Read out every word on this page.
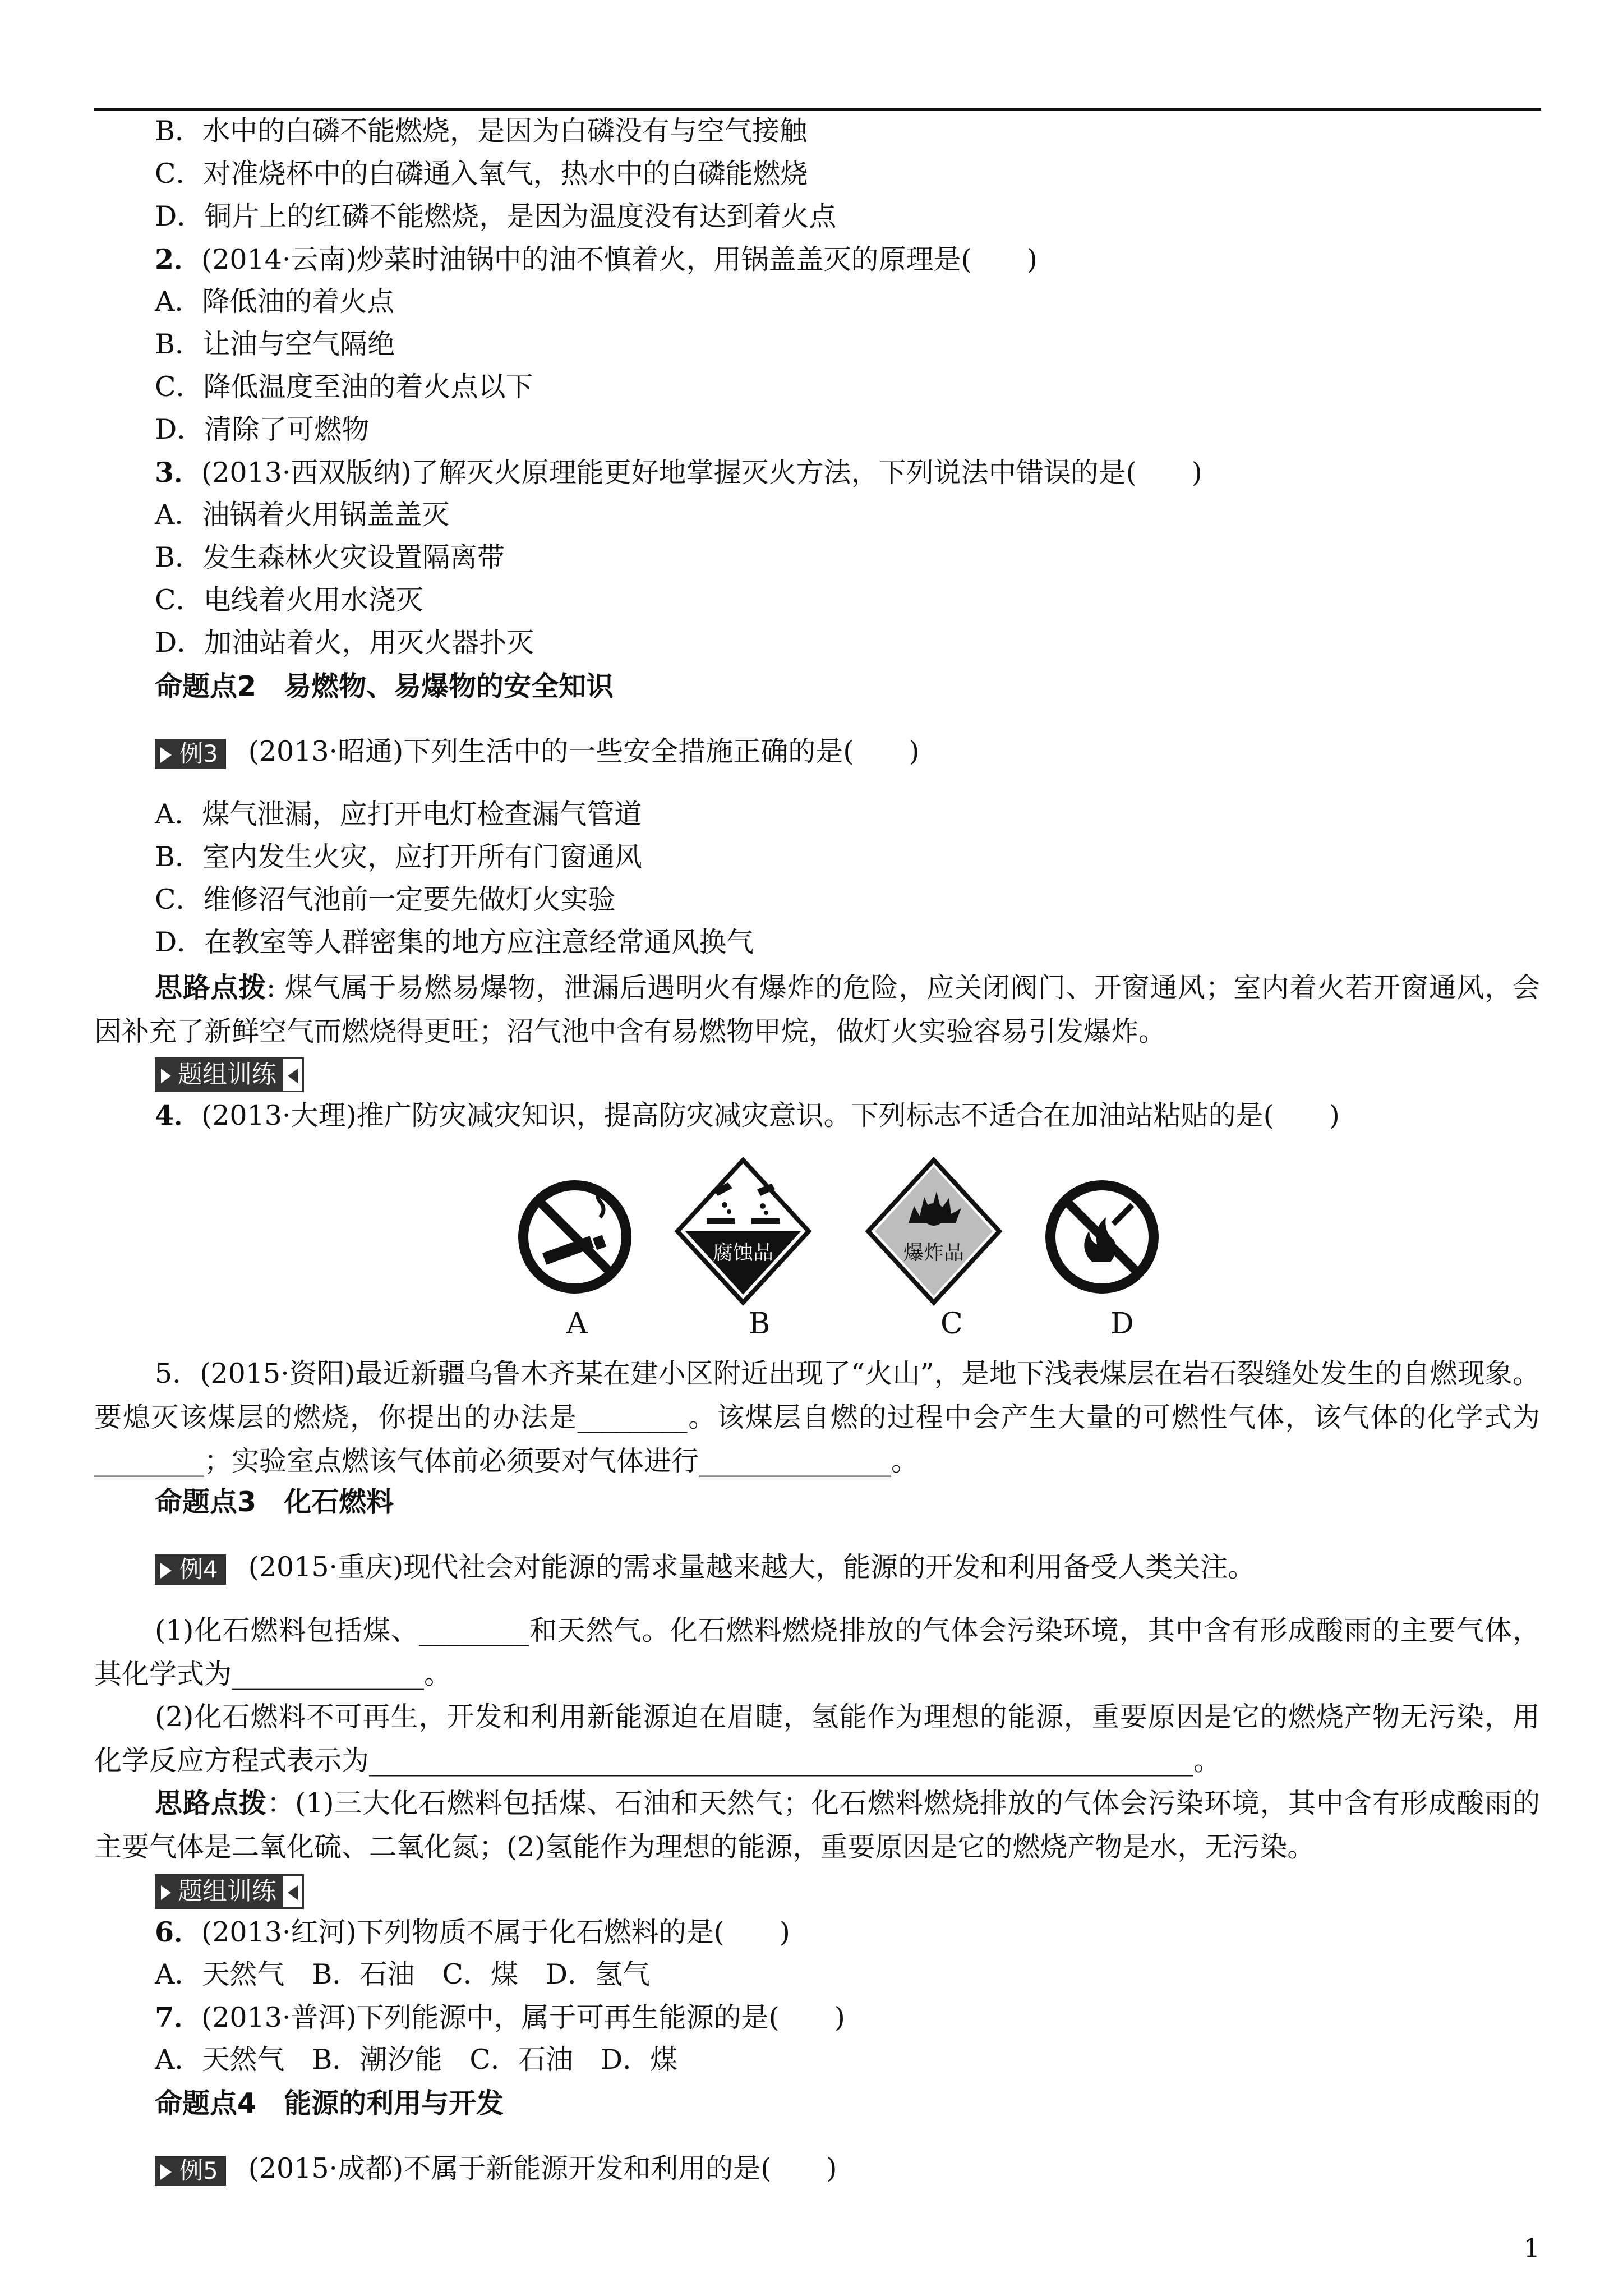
B．水中的白磷不能燃烧，是因为白磷没有与空气接触
C．对准烧杯中的白磷通入氧气，热水中的白磷能燃烧
D．铜片上的红磷不能燃烧，是因为温度没有达到着火点
2．(2014·云南)炒菜时油锅中的油不慎着火，用锅盖盖灭的原理是(　　)
A．降低油的着火点
B．让油与空气隔绝
C．降低温度至油的着火点以下
D．清除了可燃物
3．(2013·西双版纳)了解灭火原理能更好地掌握灭火方法，下列说法中错误的是(　　)
A．油锅着火用锅盖盖灭
B．发生森林火灾设置隔离带
C．电线着火用水浇灭
D．加油站着火，用灭火器扑灭
命题点2　易燃物、易爆物的安全知识
例3 (2013·昭通)下列生活中的一些安全措施正确的是(　　)
A．煤气泄漏，应打开电灯检查漏气管道
B．室内发生火灾，应打开所有门窗通风
C．维修沼气池前一定要先做灯火实验
D．在教室等人群密集的地方应注意经常通风换气
思路点拨: 煤气属于易燃易爆物，泄漏后遇明火有爆炸的危险，应关闭阀门、开窗通风；室内着火若开窗通风，会因补充了新鲜空气而燃烧得更旺；沼气池中含有易燃物甲烷，做灯火实验容易引发爆炸。
题组训练
4．(2013·大理)推广防灾减灾知识，提高防灾减灾意识。下列标志不适合在加油站粘贴的是(　　)
腐蚀品	爆炸品
A	B	C	D
5．(2015·资阳)最近新疆乌鲁木齐某在建小区附近出现了“火山”，是地下浅表煤层在岩石裂缝处发生的自燃现象。要熄灭该煤层的燃烧，你提出的办法是________。该煤层自燃的过程中会产生大量的可燃性气体，该气体的化学式为________；实验室点燃该气体前必须要对气体进行______________。
命题点3　化石燃料
例4 (2015·重庆)现代社会对能源的需求量越来越大，能源的开发和利用备受人类关注。
(1)化石燃料包括煤、________和天然气。化石燃料燃烧排放的气体会污染环境，其中含有形成酸雨的主要气体，其化学式为______________。
(2)化石燃料不可再生，开发和利用新能源迫在眉睫，氢能作为理想的能源，重要原因是它的燃烧产物无污染，用化学反应方程式表示为____________________________________________________________。
思路点拨：(1)三大化石燃料包括煤、石油和天然气；化石燃料燃烧排放的气体会污染环境，其中含有形成酸雨的主要气体是二氧化硫、二氧化氮；(2)氢能作为理想的能源，重要原因是它的燃烧产物是水，无污染。
题组训练
6．(2013·红河)下列物质不属于化石燃料的是(　　)
A．天然气　B．石油　C．煤　D．氢气
7．(2013·普洱)下列能源中，属于可再生能源的是(　　)
A．天然气　B．潮汐能　C．石油　D．煤
命题点4　能源的利用与开发
例5 (2015·成都)不属于新能源开发和利用的是(　　)
1
